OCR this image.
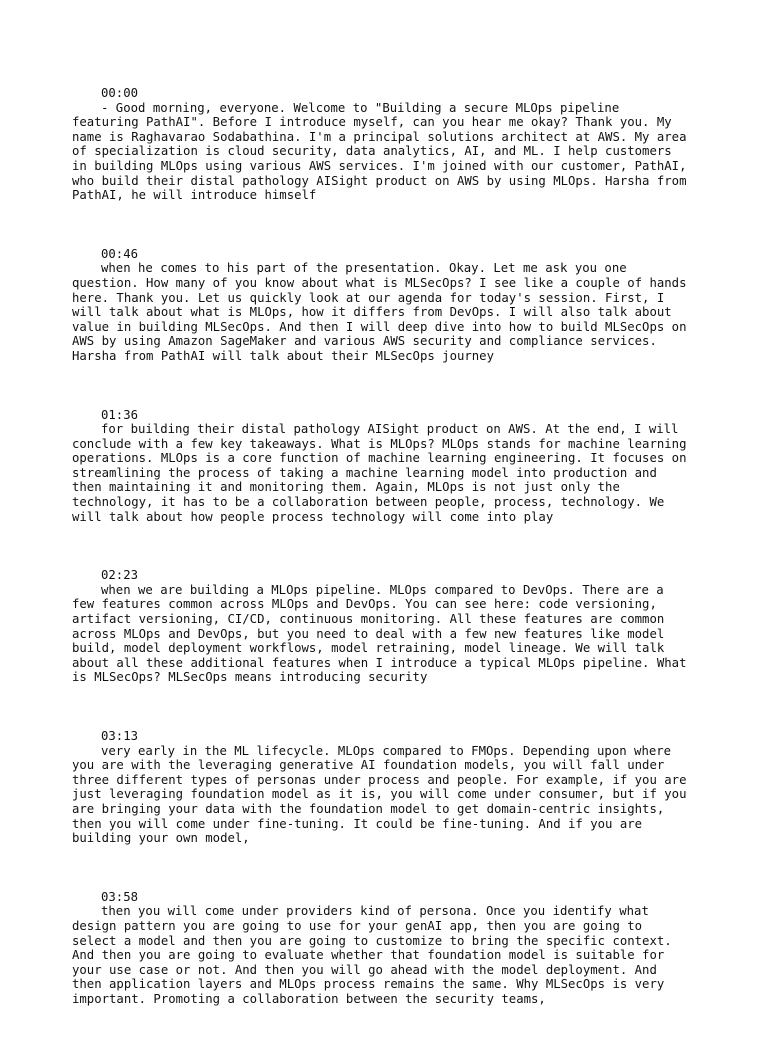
00:00
- Good morning, everyone. Welcome to "Building a secure MLOps pipeline
featuring PathAI". Before I introduce myself, can you hear me okay? Thank you. My
name is Raghavarao Sodabathina. I'm a principal solutions architect at AWS. My area
of specialization is cloud security, data analytics, AI, and ML. I help customers
in building MLOps using various AWS services. I'm joined with our customer, PathAI,
who build their distal pathology AISight product on AWS by using MLOps. Harsha from
PathAI, he will introduce himself
00:46
when he comes to his part of the presentation. Okay. Let me ask you one
question. How many of you know about what is MLSecOps? I see like a couple of hands
here. Thank you. Let us quickly look at our agenda for today's session. First, I
will talk about what is MLOps, how it differs from DevOps. I will also talk about
value in building MLSecOps. And then I will deep dive into how to build MLSecOps on
AWS by using Amazon SageMaker and various AWS security and compliance services.
Harsha from PathAI will talk about their MLSecOps journey
01:36
for building their distal pathology AISight product on AWS. At the end, I will
conclude with a few key takeaways. What is MLOps? MLOps stands for machine learning
operations. MLOps is a core function of machine learning engineering. It focuses on
streamlining the process of taking a machine learning model into production and
then maintaining it and monitoring them. Again, MLOps is not just only the
technology, it has to be a collaboration between people, process, technology. We
will talk about how people process technology will come into play
02:23
when we are building a MLOps pipeline. MLOps compared to DevOps. There are a
few features common across MLOps and DevOps. You can see here: code versioning,
artifact versioning, CI/CD, continuous monitoring. All these features are common
across MLOps and DevOps, but you need to deal with a few new features like model
build, model deployment workflows, model retraining, model lineage. We will talk
about all these additional features when I introduce a typical MLOps pipeline. What
is MLSecOps? MLSecOps means introducing security
03:13
very early in the ML lifecycle. MLOps compared to FMOps. Depending upon where
you are with the leveraging generative AI foundation models, you will fall under
three different types of personas under process and people. For example, if you are
just leveraging foundation model as it is, you will come under consumer, but if you
are bringing your data with the foundation model to get domain-centric insights,
then you will come under fine-tuning. It could be fine-tuning. And if you are
building your own model,
03:58
then you will come under providers kind of persona. Once you identify what
design pattern you are going to use for your genAI app, then you are going to
select a model and then you are going to customize to bring the specific context.
And then you are going to evaluate whether that foundation model is suitable for
your use case or not. And then you will go ahead with the model deployment. And
then application layers and MLOps process remains the same. Why MLSecOps is very
important. Promoting a collaboration between the security teams,
